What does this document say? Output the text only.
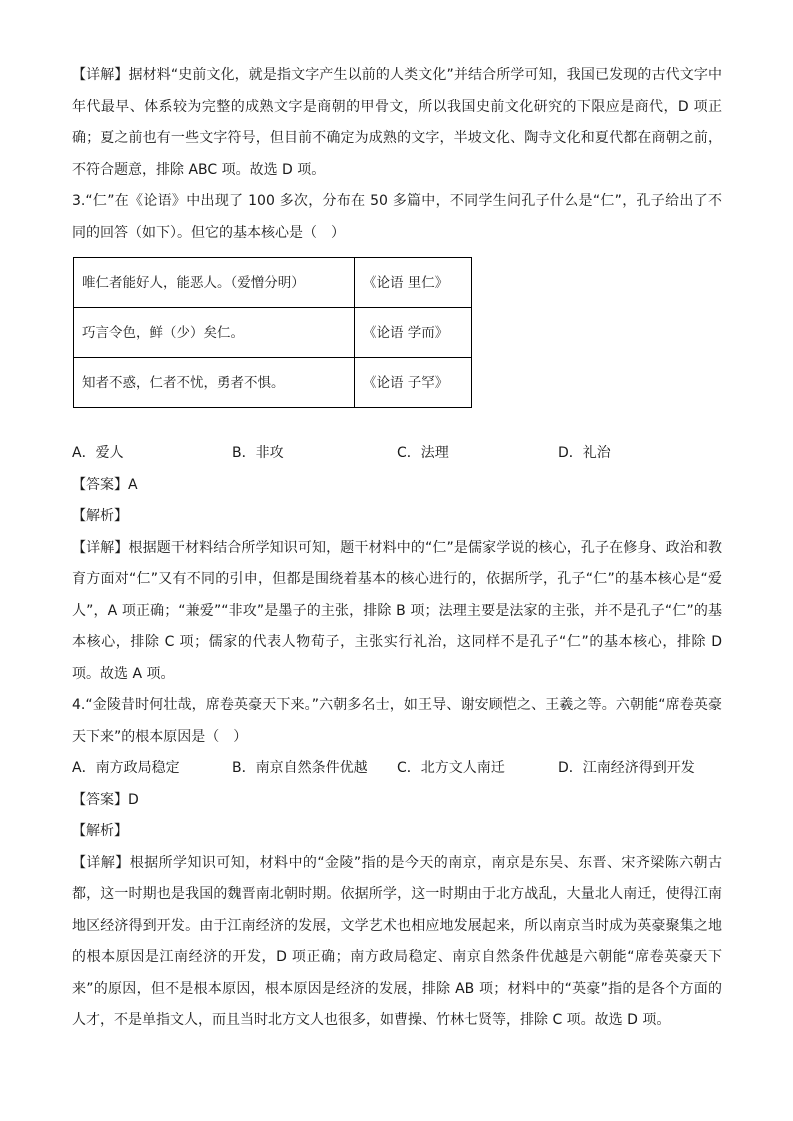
【详解】据材料“史前文化，就是指文字产生以前的人类文化”并结合所学可知，我国已发现的古代文字中年代最早、体系较为完整的成熟文字是商朝的甲骨文，所以我国史前文化研究的下限应是商代，D 项正确；夏之前也有一些文字符号，但目前不确定为成熟的文字，半坡文化、陶寺文化和夏代都在商朝之前，不符合题意，排除 ABC 项。故选 D 项。

3.“仁”在《论语》中出现了 100 多次，分布在 50 多篇中，不同学生问孔子什么是“仁”，孔子给出了不同的回答（如下）。但它的基本核心是（　）

唯仁者能好人，能恶人。（爱憎分明）	《论语 里仁》
巧言令色，鲜（少）矣仁。	《论语 学而》
知者不惑，仁者不忧，勇者不惧。	《论语 子罕》
A．爱人	B．非攻	C．法理	D．礼治

【答案】A

【解析】

【详解】根据题干材料结合所学知识可知，题干材料中的“仁”是儒家学说的核心，孔子在修身、政治和教育方面对“仁”又有不同的引申，但都是围绕着基本的核心进行的，依据所学，孔子“仁”的基本核心是“爱人”，A 项正确；“兼爱”“非攻”是墨子的主张，排除 B 项；法理主要是法家的主张，并不是孔子“仁”的基本核心，排除 C 项；儒家的代表人物荀子，主张实行礼治，这同样不是孔子“仁”的基本核心，排除 D 项。故选 A 项。

4.“金陵昔时何壮哉，席卷英豪天下来。”六朝多名士，如王导、谢安顾恺之、王羲之等。六朝能“席卷英豪天下来”的根本原因是（　）

A．南方政局稳定	B．南京自然条件优越 C．北方文人南迁	D．江南经济得到开发

【答案】D

【解析】

【详解】根据所学知识可知，材料中的“金陵”指的是今天的南京，南京是东吴、东晋、宋齐梁陈六朝古都，这一时期也是我国的魏晋南北朝时期。依据所学，这一时期由于北方战乱，大量北人南迁，使得江南地区经济得到开发。由于江南经济的发展，文学艺术也相应地发展起来，所以南京当时成为英豪聚集之地的根本原因是江南经济的开发，D 项正确；南方政局稳定、南京自然条件优越是六朝能“席卷英豪天下来”的原因，但不是根本原因，根本原因是经济的发展，排除 AB 项；材料中的“英豪”指的是各个方面的人才，不是单指文人，而且当时北方文人也很多，如曹操、竹林七贤等，排除 C 项。故选 D 项。
